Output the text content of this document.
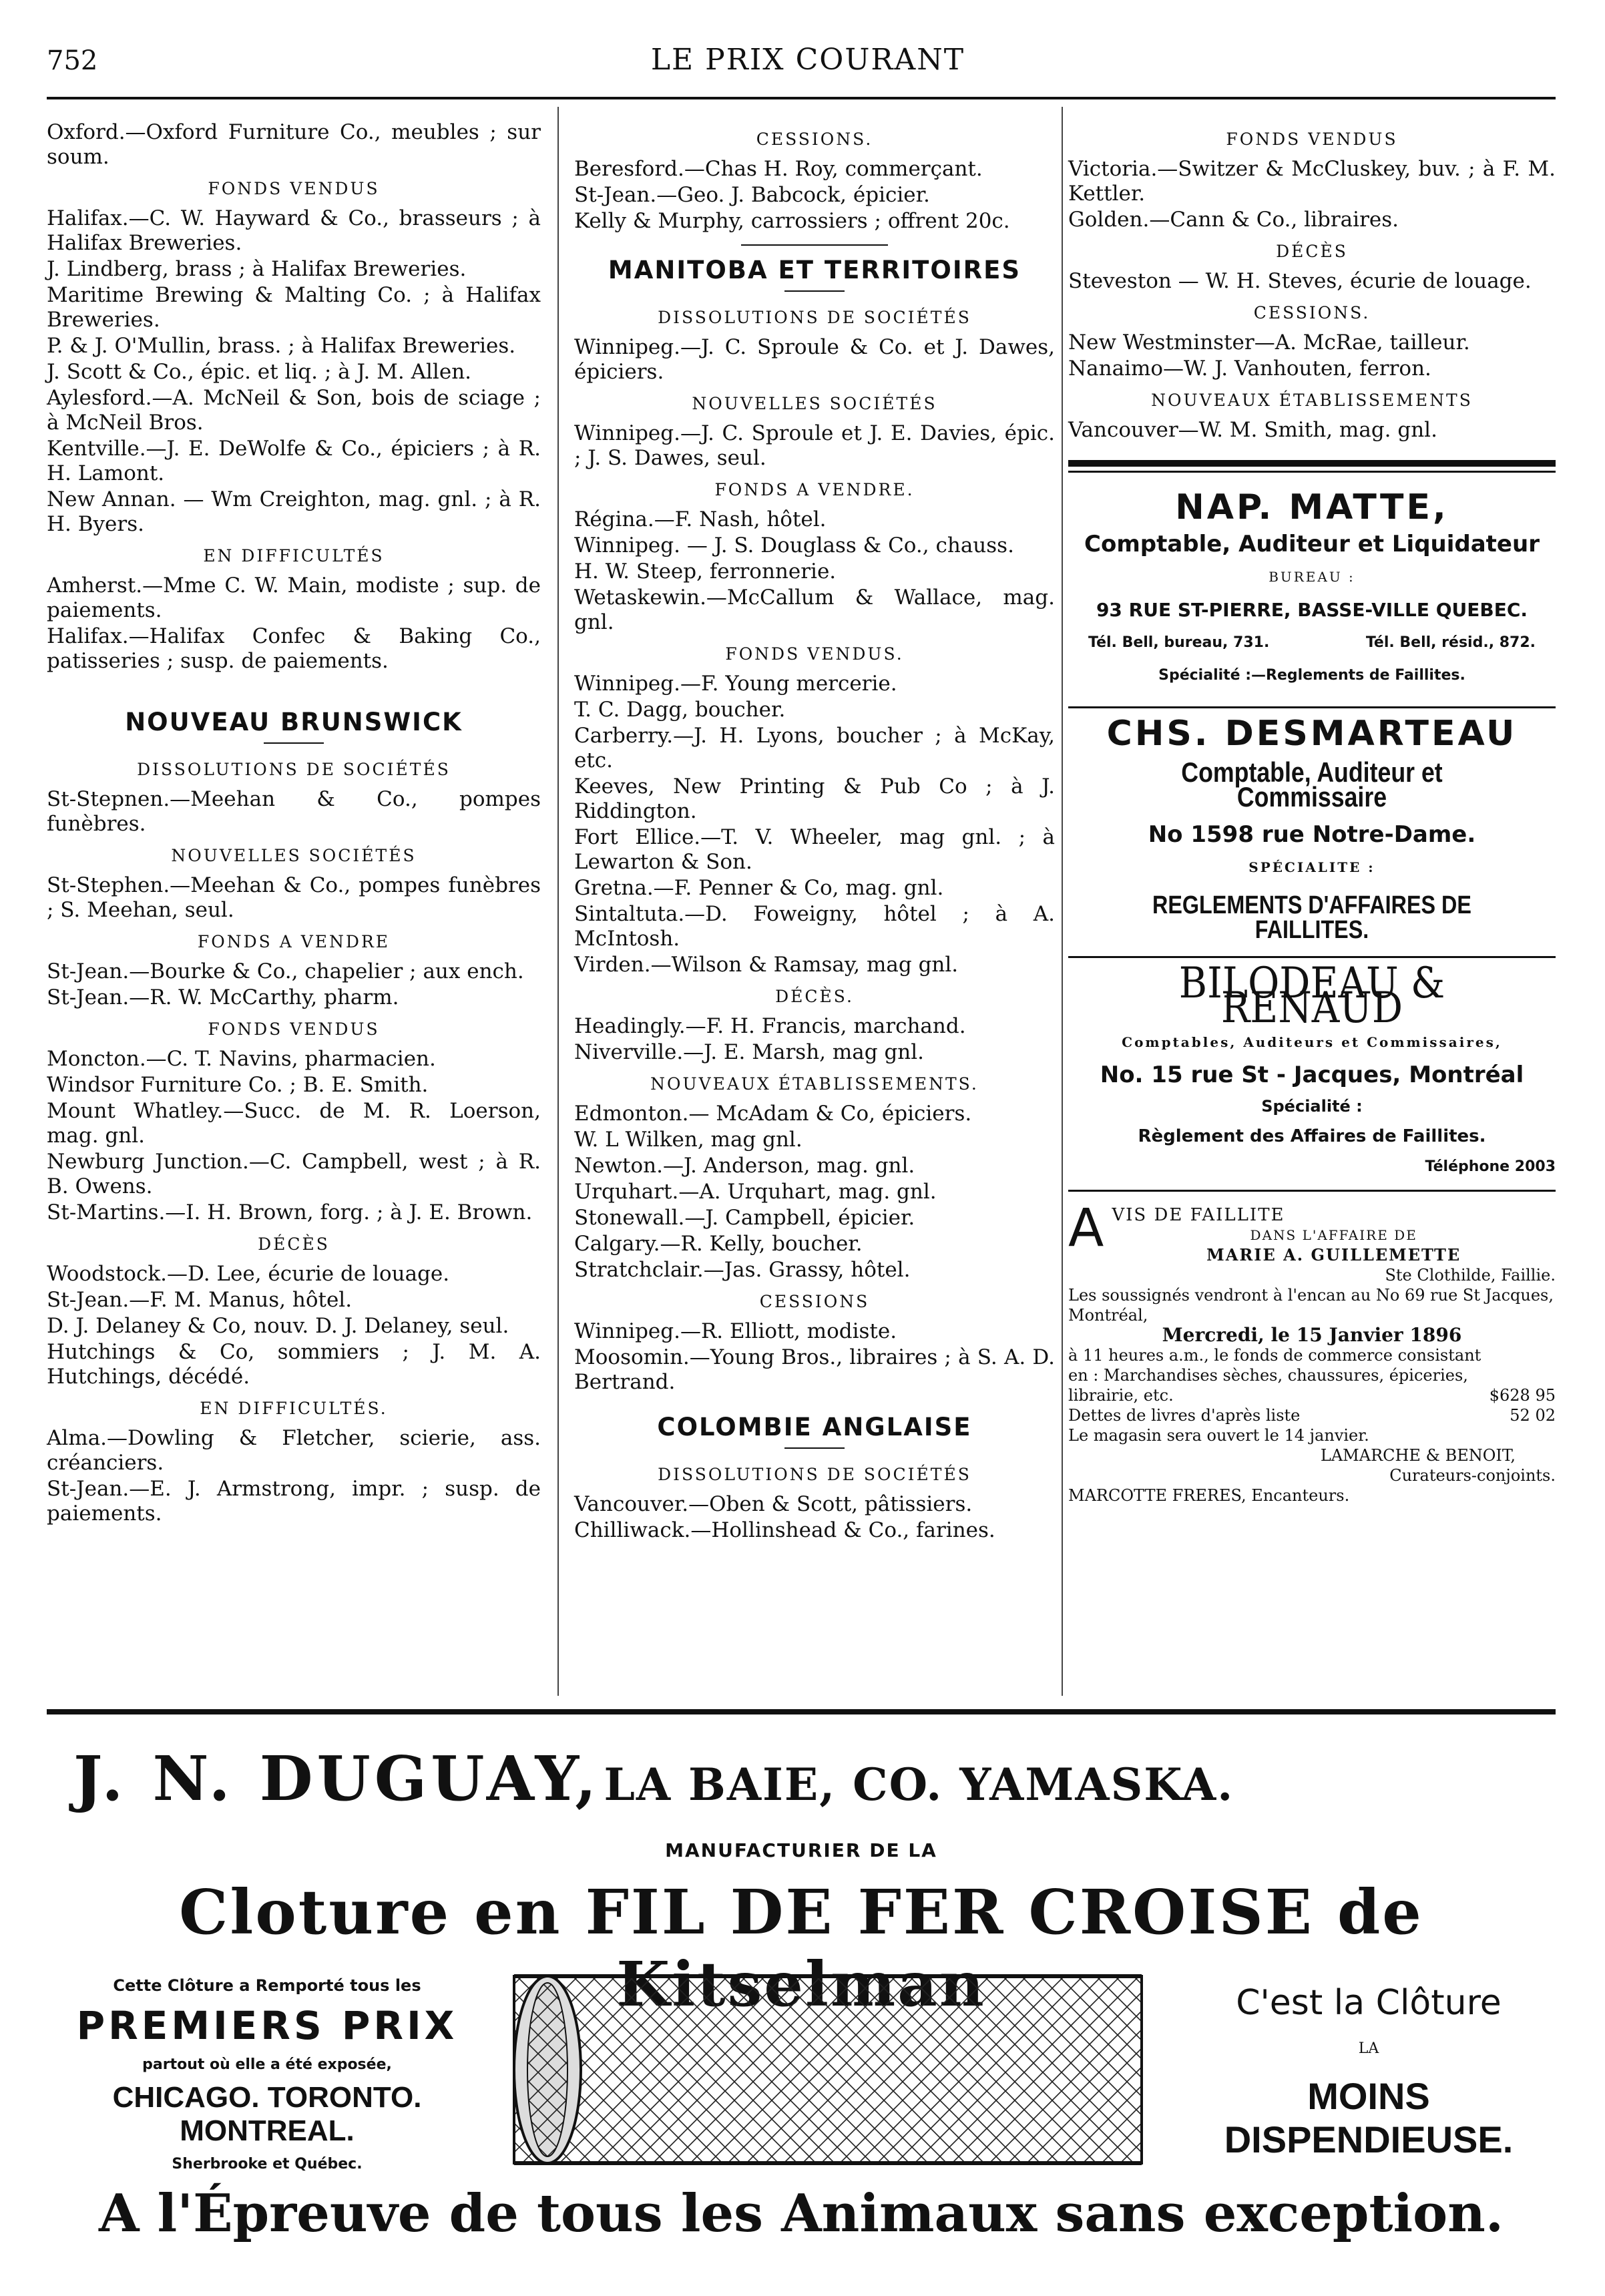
752	LE PRIX COURANT

Oxford.—Oxford Furniture Co., meubles ; sur soum.

FONDS VENDUS

Halifax.—C. W. Hayward & Co., brasseurs ; à Halifax Breweries.

J. Lindberg, brass ; à Halifax Breweries.

Maritime Brewing & Malting Co. ; à Halifax Breweries.

P. & J. O'Mullin, brass. ; à Halifax Breweries.

J. Scott & Co., épic. et liq. ; à J. M. Allen.

Aylesford.—A. McNeil & Son, bois de sciage ; à McNeil Bros.

Kentville.—J. E. DeWolfe & Co., épiciers ; à R. H. Lamont.

New Annan. — Wm Creighton, mag. gnl. ; à R. H. Byers.

EN DIFFICULTÉS

Amherst.—Mme C. W. Main, modiste ; sup. de paiements.

Halifax.—Halifax Confec & Baking Co., patisseries ; susp. de paiements.

NOUVEAU BRUNSWICK
DISSOLUTIONS DE SOCIÉTÉS

St-Stepnen.—Meehan & Co., pompes funèbres.

NOUVELLES SOCIÉTÉS

St-Stephen.—Meehan & Co., pompes funèbres ; S. Meehan, seul.

FONDS A VENDRE

St-Jean.—Bourke & Co., chapelier ; aux ench.

St-Jean.—R. W. McCarthy, pharm.

FONDS VENDUS

Moncton.—C. T. Navins, pharmacien.

Windsor Furniture Co. ; B. E. Smith.

Mount Whatley.—Succ. de M. R. Loerson, mag. gnl.

Newburg Junction.—C. Campbell, west ; à R. B. Owens.

St-Martins.—I. H. Brown, forg. ; à J. E. Brown.

DÉCÈS

Woodstock.—D. Lee, écurie de louage.

St-Jean.—F. M. Manus, hôtel.

D. J. Delaney & Co, nouv. D. J. Delaney, seul.

Hutchings & Co, sommiers ; J. M. A. Hutchings, décédé.

EN DIFFICULTÉS.

Alma.—Dowling & Fletcher, scierie, ass. créanciers.

St-Jean.—E. J. Armstrong, impr. ; susp. de paiements.

CESSIONS.

Beresford.—Chas H. Roy, commerçant.

St-Jean.—Geo. J. Babcock, épicier.

Kelly & Murphy, carrossiers ; offrent 20c.

MANITOBA ET TERRITOIRES
DISSOLUTIONS DE SOCIÉTÉS

Winnipeg.—J. C. Sproule & Co. et J. Dawes, épiciers.

NOUVELLES SOCIÉTÉS

Winnipeg.—J. C. Sproule et J. E. Davies, épic. ; J. S. Dawes, seul.

FONDS A VENDRE.

Régina.—F. Nash, hôtel.

Winnipeg. — J. S. Douglass & Co., chauss.

H. W. Steep, ferronnerie.

Wetaskewin.—McCallum & Wallace, mag. gnl.

FONDS VENDUS.

Winnipeg.—F. Young mercerie.

T. C. Dagg, boucher.

Carberry.—J. H. Lyons, boucher ; à McKay, etc.

Keeves, New Printing & Pub Co ; à J. Riddington.

Fort Ellice.—T. V. Wheeler, mag gnl. ; à Lewarton & Son.

Gretna.—F. Penner & Co, mag. gnl.

Sintaltuta.—D. Foweigny, hôtel ; à A. McIntosh.

Virden.—Wilson & Ramsay, mag gnl.

DÉCÈS.

Headingly.—F. H. Francis, marchand.

Niverville.—J. E. Marsh, mag gnl.

NOUVEAUX ÉTABLISSEMENTS.

Edmonton.— McAdam & Co, épiciers.

W. L Wilken, mag gnl.

Newton.—J. Anderson, mag. gnl.

Urquhart.—A. Urquhart, mag. gnl.

Stonewall.—J. Campbell, épicier.

Calgary.—R. Kelly, boucher.

Stratchclair.—Jas. Grassy, hôtel.

CESSIONS

Winnipeg.—R. Elliott, modiste.

Moosomin.—Young Bros., libraires ; à S. A. D. Bertrand.

COLOMBIE ANGLAISE
DISSOLUTIONS DE SOCIÉTÉS

Vancouver.—Oben & Scott, pâtissiers.

Chilliwack.—Hollinshead & Co., farines.

FONDS VENDUS

Victoria.—Switzer & McCluskey, buv. ; à F. M. Kettler.

Golden.—Cann & Co., libraires.

DÉCÈS

Steveston — W. H. Steves, écurie de louage.

CESSIONS.

New Westminster—A. McRae, tailleur.

Nanaimo—W. J. Vanhouten, ferron.

NOUVEAUX ÉTABLISSEMENTS

Vancouver—W. M. Smith, mag. gnl.

NAP. MATTE,
Comptable, Auditeur et Liquidateur
BUREAU :
93 RUE ST-PIERRE, BASSE-VILLE QUEBEC.
Tél. Bell, bureau, 731.	Tél. Bell, résid., 872.
Spécialité :—Reglements de Faillites.
CHS. DESMARTEAU
Comptable, Auditeur et Commissaire
No 1598 rue Notre-Dame.
SPÉCIALITE :
REGLEMENTS D'AFFAIRES DE FAILLITES.
BILODEAU & RENAUD
Comptables, Auditeurs et Commissaires,
No. 15 rue St - Jacques, Montréal
Spécialité :
Règlement des Affaires de Faillites.
Téléphone 2003
A VIS DE FAILLITE
DANS L'AFFAIRE DE
MARIE A. GUILLEMETTE
Ste Clothilde, Faillie.
Les soussignés vendront à l'encan au No 69 rue St Jacques, Montréal,
Mercredi, le 15 Janvier 1896
à 11 heures a.m., le fonds de commerce consistant en : Marchandises sèches, chaussures, épiceries, librairie, etc.	$628 95
Dettes de livres d'après liste	52 02
Le magasin sera ouvert le 14 janvier.
LAMARCHE & BENOIT,
Curateurs-conjoints.
MARCOTTE FRERES, Encanteurs.
J. N. DUGUAY, LA BAIE, CO. YAMASKA.
MANUFACTURIER DE LA
Cloture en FIL DE FER CROISE de
Cette Clôture a Remporté tous les
PREMIERS PRIX
partout où elle a été exposée,
CHICAGO. TORONTO. MONTREAL.
Sherbrooke et Québec.
C'est la Clôture
LA
MOINS DISPENDIEUSE.
A l'Épreuve de tous les Animaux sans exception.
